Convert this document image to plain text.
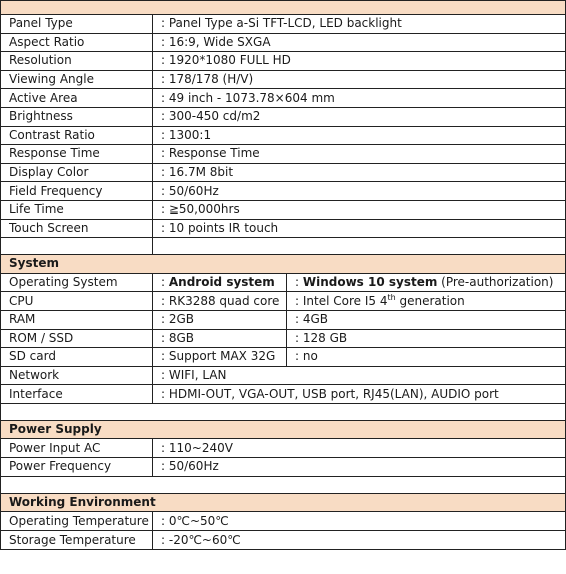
Panel Type	: Panel Type a-Si TFT-LCD, LED backlight	
Aspect Ratio	: 16:9, Wide SXGA	
Resolution	: 1920*1080 FULL HD	
Viewing Angle	: 178/178 (H/V)	
Active Area	: 49 inch - 1073.78×604 mm	
Brightness	: 300-450 cd/m2	
Contrast Ratio	: 1300:1	
Response Time	: Response Time	
Display Color	: 16.7M 8bit	
Field Frequency	: 50/60Hz	
Life Time	: ≧50,000hrs	
Touch Screen	: 10 points IR touch	

System		
Operating System	: Android system	: Windows 10 system (Pre-authorization)
CPU	: RK3288 quad core	: Intel Core I5 4th generation
RAM	: 2GB	: 4GB
ROM / SSD	: 8GB	: 128 GB
SD card	: Support MAX 32G	: no
Network	: WIFI, LAN	
Interface	: HDMI-OUT, VGA-OUT, USB port, RJ45(LAN), AUDIO port	

Power Supply		
Power Input AC	: 110~240V	
Power Frequency	: 50/60Hz	

Working Environment		
Operating Temperature	: 0℃~50℃	
Storage Temperature	: -20℃~60℃	
